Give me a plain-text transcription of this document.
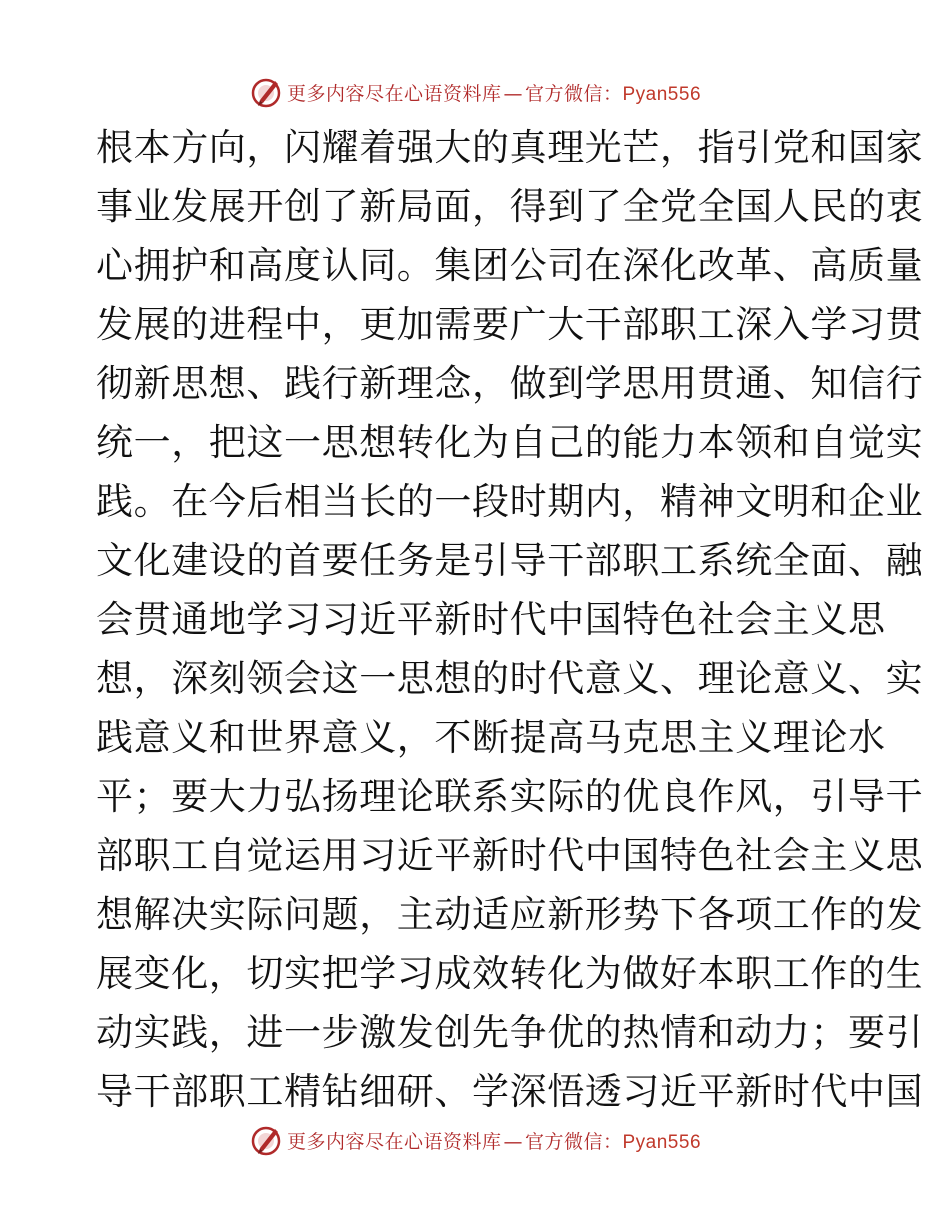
更多内容尽在心语资料库 — 官方微信：Pyan556
根本方向，闪耀着强大的真理光芒，指引党和国家
事业发展开创了新局面，得到了全党全国人民的衷
心拥护和高度认同。集团公司在深化改革、高质量
发展的进程中，更加需要广大干部职工深入学习贯
彻新思想、践行新理念，做到学思用贯通、知信行
统一，把这一思想转化为自己的能力本领和自觉实
践。在今后相当长的一段时期内，精神文明和企业
文化建设的首要任务是引导干部职工系统全面、融
会贯通地学习习近平新时代中国特色社会主义思
想，深刻领会这一思想的时代意义、理论意义、实
践意义和世界意义，不断提高马克思主义理论水
平；要大力弘扬理论联系实际的优良作风，引导干
部职工自觉运用习近平新时代中国特色社会主义思
想解决实际问题，主动适应新形势下各项工作的发
展变化，切实把学习成效转化为做好本职工作的生
动实践，进一步激发创先争优的热情和动力；要引
导干部职工精钻细研、学深悟透习近平新时代中国
更多内容尽在心语资料库 — 官方微信：Pyan556
